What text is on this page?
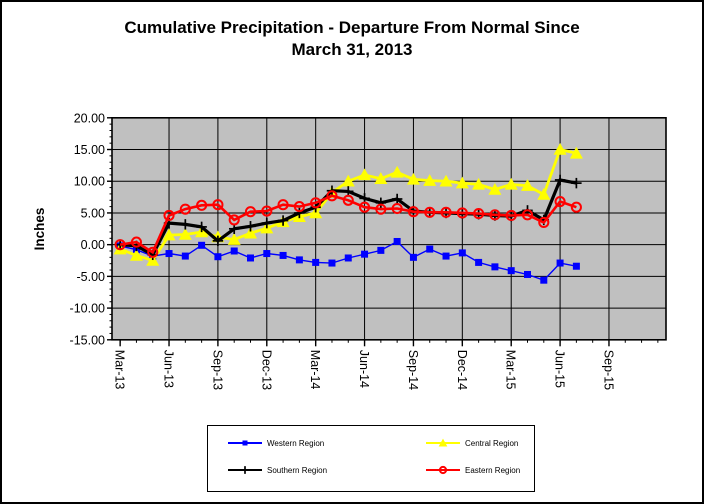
Cumulative Precipitation - Departure From Normal Since
March 31, 2013
20.00
15.00
10.00
5.00
0.00
-5.00
-10.00
-15.00
Mar-13	Jun-13	Sep-13	Dec-13	Mar-14	Jun-14	Sep-14	Dec-14	Mar-15	Jun-15	Sep-15
Inches
Western Region	Central Region
Southern Region	Eastern Region
